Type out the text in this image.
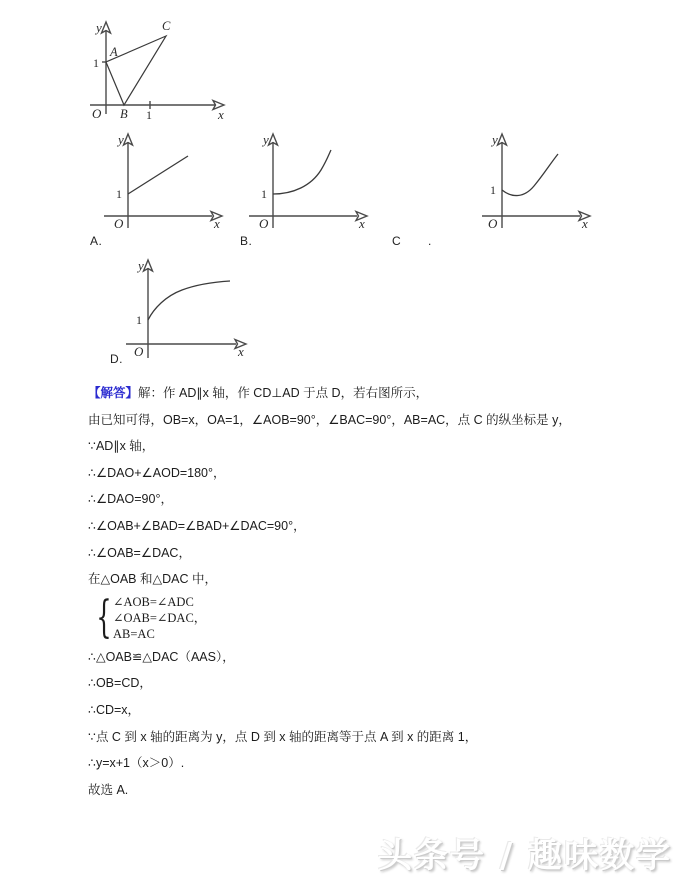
y
x
O
1
1
A
B
C
y
x
O
1
A.
y
x
O
1
B.
y
x
O
1
C .
y
x
O
1
D.
【解答】解：作 AD∥x 轴，作 CD⊥AD 于点 D，若右图所示，
由已知可得，OB=x，OA=1，∠AOB=90°，∠BAC=90°，AB=AC，点 C 的纵坐标是 y，
∵AD∥x 轴，
∴∠DAO+∠AOD=180°，
∴∠DAO=90°，
∴∠OAB+∠BAD=∠BAD+∠DAC=90°，
∴∠OAB=∠DAC，
在△OAB 和△DAC 中，
{ ∠AOB=∠ADC
∠OAB=∠DAC，
AB=AC
∴△OAB≌△DAC（AAS），
∴OB=CD，
∴CD=x，
∵点 C 到 x 轴的距离为 y，点 D 到 x 轴的距离等于点 A 到 x 的距离 1，
∴y=x+1（x＞0）.
故选 A.
头条号 / 趣味数学
